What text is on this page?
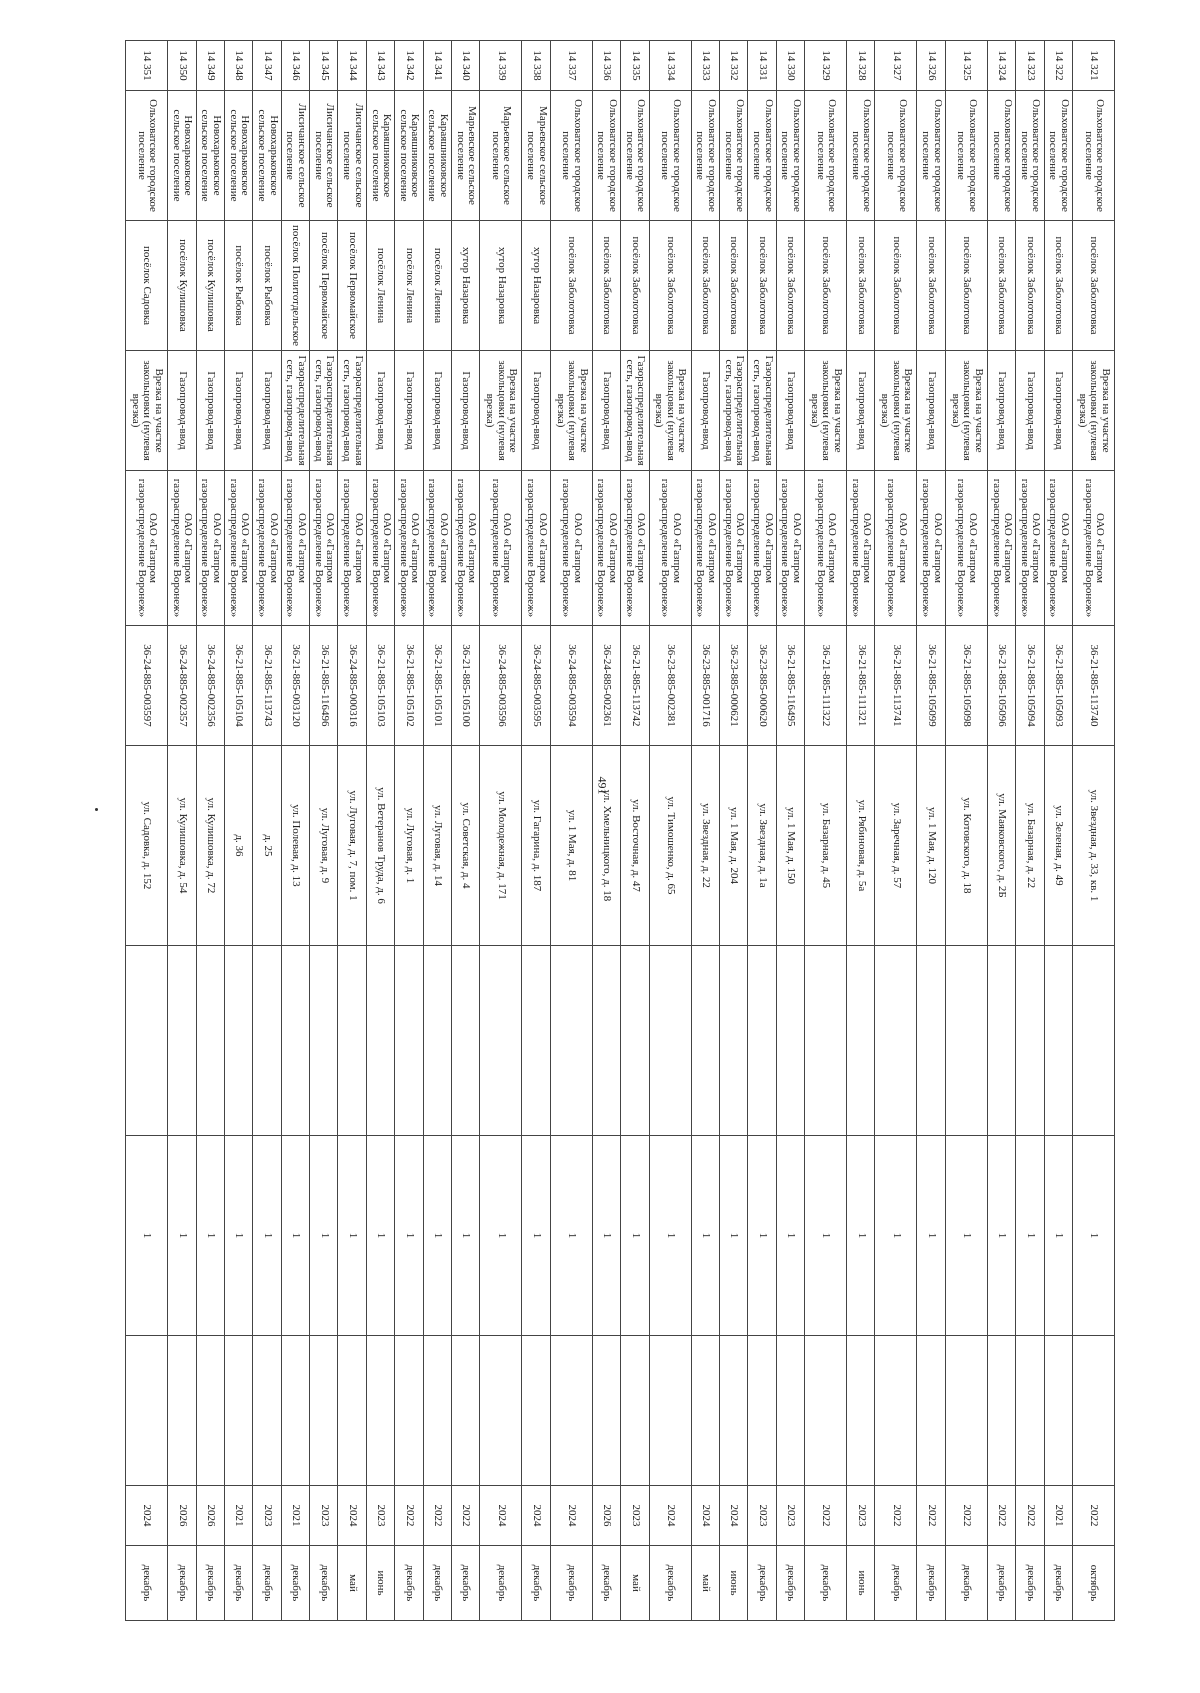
491
14 321	Ольховатское городское поселение	посёлок Заболотовка	Врезка на участке закольцовки (нулевая врезка)	ОАО «Газпром газораспределение Воронеж»	36-21-885-113740	ул. Звездная, д. 33, кв. 1		1		2022	октябрь
14 322	Ольховатское городское поселение	посёлок Заболотовка	Газопровод-ввод	ОАО «Газпром газораспределение Воронеж»	36-21-885-105093	ул. Зеленая, д. 49		1		2021	декабрь
14 323	Ольховатское городское поселение	посёлок Заболотовка	Газопровод-ввод	ОАО «Газпром газораспределение Воронеж»	36-21-885-105094	ул. Базарная, д. 22		1		2022	декабрь
14 324	Ольховатское городское поселение	посёлок Заболотовка	Газопровод-ввод	ОАО «Газпром газораспределение Воронеж»	36-21-885-105096	ул. Маяковского, д. 2Б		1		2022	декабрь
14 325	Ольховатское городское поселение	посёлок Заболотовка	Врезка на участке закольцовки (нулевая врезка)	ОАО «Газпром газораспределение Воронеж»	36-21-885-105098	ул. Котовского, д. 18		1		2022	декабрь
14 326	Ольховатское городское поселение	посёлок Заболотовка	Газопровод-ввод	ОАО «Газпром газораспределение Воронеж»	36-21-885-105099	ул. 1 Мая, д. 120		1		2022	декабрь
14 327	Ольховатское городское поселение	посёлок Заболотовка	Врезка на участке закольцовки (нулевая врезка)	ОАО «Газпром газораспределение Воронеж»	36-21-885-113741	ул. Заречная, д. 57		1		2022	декабрь
14 328	Ольховатское городское поселение	посёлок Заболотовка	Газопровод-ввод	ОАО «Газпром газораспределение Воронеж»	36-21-885-111321	ул. Рябиновая, д. 5а		1		2023	июнь
14 329	Ольховатское городское поселение	посёлок Заболотовка	Врезка на участке закольцовки (нулевая врезка)	ОАО «Газпром газораспределение Воронеж»	36-21-885-111322	ул. Базарная, д. 45		1		2022	декабрь
14 330	Ольховатское городское поселение	посёлок Заболотовка	Газопровод-ввод	ОАО «Газпром газораспределение Воронеж»	36-21-885-116495	ул. 1 Мая, д. 150		1		2023	декабрь
14 331	Ольховатское городское поселение	посёлок Заболотовка	Газораспределительная сеть, газопровод-ввод	ОАО «Газпром газораспределение Воронеж»	36-23-885-000620	ул. Звездная, д. 1а		1		2023	декабрь
14 332	Ольховатское городское поселение	посёлок Заболотовка	Газораспределительная сеть, газопровод-ввод	ОАО «Газпром газораспределение Воронеж»	36-23-885-000621	ул. 1 Мая, д. 204		1		2024	июнь
14 333	Ольховатское городское поселение	посёлок Заболотовка	Газопровод-ввод	ОАО «Газпром газораспределение Воронеж»	36-23-885-001716	ул. Звездная, д. 22		1		2024	май
14 334	Ольховатское городское поселение	посёлок Заболотовка	Врезка на участке закольцовки (нулевая врезка)	ОАО «Газпром газораспределение Воронеж»	36-23-885-002381	ул. Тимошенко, д. 65		1		2024	декабрь
14 335	Ольховатское городское поселение	посёлок Заболотовка	Газораспределительная сеть, газопровод-ввод	ОАО «Газпром газораспределение Воронеж»	36-21-885-113742	ул. Восточная, д. 47		1		2023	май
14 336	Ольховатское городское поселение	посёлок Заболотовка	Газопровод-ввод	ОАО «Газпром газораспределение Воронеж»	36-24-885-002361	ул. Хмельницкого, д. 18		1		2026	декабрь
14 337	Ольховатское городское поселение	посёлок Заболотовка	Врезка на участке закольцовки (нулевая врезка)	ОАО «Газпром газораспределение Воронеж»	36-24-885-003594	ул. 1 Мая, д. 81		1		2024	декабрь
14 338	Марьевское сельское поселение	хутор Назаровка	Газопровод-ввод	ОАО «Газпром газораспределение Воронеж»	36-24-885-003595	ул. Гагарина, д. 187		1		2024	декабрь
14 339	Марьевское сельское поселение	хутор Назаровка	Врезка на участке закольцовки (нулевая врезка)	ОАО «Газпром газораспределение Воронеж»	36-24-885-003596	ул. Молодежная, д. 171		1		2024	декабрь
14 340	Марьевское сельское поселение	хутор Назаровка	Газопровод-ввод	ОАО «Газпром газораспределение Воронеж»	36-21-885-105100	ул. Советская, д. 4		1		2022	декабрь
14 341	Караяшниковское сельское поселение	посёлок Ленина	Газопровод-ввод	ОАО «Газпром газораспределение Воронеж»	36-21-885-105101	ул. Луговая, д. 14		1		2022	декабрь
14 342	Караяшниковское сельское поселение	посёлок Ленина	Газопровод-ввод	ОАО «Газпром газораспределение Воронеж»	36-21-885-105102	ул. Луговая, д. 1		1		2022	декабрь
14 343	Караяшниковское сельское поселение	посёлок Ленина	Газопровод-ввод	ОАО «Газпром газораспределение Воронеж»	36-21-885-105103	ул. Ветеранов Труда, д. 6		1		2023	июнь
14 344	Лисичанское сельское поселение	посёлок Первомайское	Газораспределительная сеть, газопровод-ввод	ОАО «Газпром газораспределение Воронеж»	36-24-885-000316	ул. Луговая, д. 7, пом. 1		1		2024	май
14 345	Лисичанское сельское поселение	посёлок Первомайское	Газораспределительная сеть, газопровод-ввод	ОАО «Газпром газораспределение Воронеж»	36-21-885-116496	ул. Луговая, д. 9		1		2023	декабрь
14 346	Лисичанское сельское поселение	посёлок Политотдельское	Газораспределительная сеть, газопровод-ввод	ОАО «Газпром газораспределение Воронеж»	36-21-885-003120	ул. Полевая, д. 13		1		2021	декабрь
14 347	Новохарьковское сельское поселение	посёлок Рыбовка	Газопровод-ввод	ОАО «Газпром газораспределение Воронеж»	36-21-885-113743	д. 25		1		2023	декабрь
14 348	Новохарьковское сельское поселение	посёлок Рыбовка	Газопровод-ввод	ОАО «Газпром газораспределение Воронеж»	36-21-885-105104	д. 36		1		2021	декабрь
14 349	Новохарьковское сельское поселение	посёлок Кулишовка	Газопровод-ввод	ОАО «Газпром газораспределение Воронеж»	36-24-885-002356	ул. Кулишовка, д. 72		1		2026	декабрь
14 350	Новохарьковское сельское поселение	посёлок Кулишовка	Газопровод-ввод	ОАО «Газпром газораспределение Воронеж»	36-24-885-002357	ул. Кулишовка, д. 54		1		2026	декабрь
14 351	Ольховатское городское поселение	посёлок Садовка	Врезка на участке закольцовки (нулевая врезка)	ОАО «Газпром газораспределение Воронеж»	36-24-885-003597	ул. Садовка, д. 152		1		2024	декабрь
